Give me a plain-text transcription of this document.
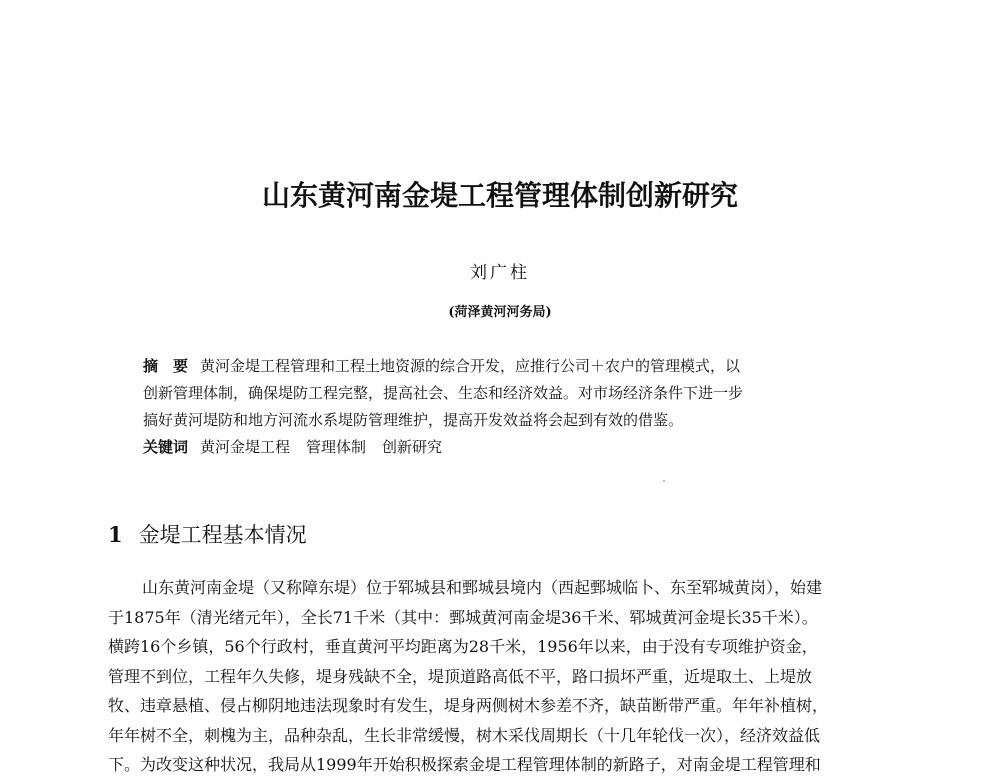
山东黄河南金堤工程管理体制创新研究
刘广柱
(菏泽黄河河务局)
摘　要 黄河金堤工程管理和工程土地资源的综合开发，应推行公司＋农户的管理模式，以
创新管理体制，确保堤防工程完整，提高社会、生态和经济效益。对市场经济条件下进一步
搞好黄河堤防和地方河流水系堤防管理维护，提高开发效益将会起到有效的借鉴。
关键词 黄河金堤工程 管理体制 创新研究
1 金堤工程基本情况
山东黄河南金堤（又称障东堤）位于郓城县和鄄城县境内（西起鄄城临卜、东至郓城黄岗），始建
于1875年（清光绪元年），全长71千米（其中：鄄城黄河南金堤36千米、郓城黄河金堤长35千米）。
横跨16个乡镇，56个行政村，垂直黄河平均距离为28千米，1956年以来，由于没有专项维护资金，
管理不到位，工程年久失修，堤身残缺不全，堤顶道路高低不平，路口损坏严重，近堤取土、上堤放
牧、违章悬植、侵占柳阴地违法现象时有发生，堤身两侧树木参差不齐，缺苗断带严重。年年补植树，
年年树不全，刺槐为主，品种杂乱，生长非常缓慢，树木采伐周期长（十几年轮伐一次），经济效益低
下。为改变这种状况，我局从1999年开始积极探索金堤工程管理体制的新路子，对南金堤工程管理和
